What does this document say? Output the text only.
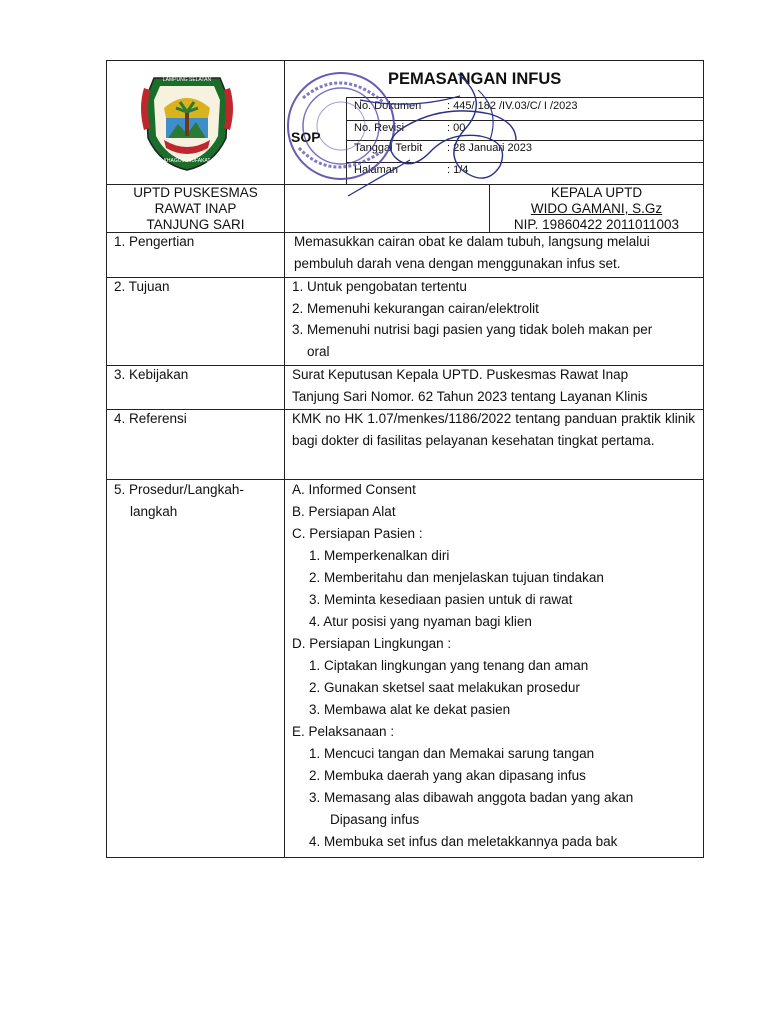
LAMPUNG SELATAN
KHAGOM MUFAKAT
PEMASANGAN INFUS
SOP
No. Dokumen : 445/ 182 /IV.03/C/ I /2023
No. Revisi	: 00
Tanggal Terbit : 28 Januari 2023
Halaman	: 1/4
UPTD PUSKESMAS
RAWAT INAP
TANJUNG SARI
KEPALA UPTD
WIDO GAMANI, S.Gz
NIP. 19860422 2011011003
1. Pengertian	Memasukkan cairan obat ke dalam tubuh, langsung melalui
pembuluh darah vena dengan menggunakan infus set.
2. Tujuan	1. Untuk pengobatan tertentu
2. Memenuhi kekurangan cairan/elektrolit
3. Memenuhi nutrisi bagi pasien yang tidak boleh makan per
oral
3. Kebijakan	Surat Keputusan Kepala UPTD. Puskesmas Rawat Inap
Tanjung Sari Nomor. 62 Tahun 2023 tentang Layanan Klinis
4. Referensi	KMK no HK 1.07/menkes/1186/2022 tentang panduan praktik klinik bagi dokter di fasilitas pelayanan kesehatan tingkat pertama.
5. Prosedur/Langkah-
langkah
A. Informed Consent
B. Persiapan Alat
C. Persiapan Pasien :
1. Memperkenalkan diri
2. Memberitahu dan menjelaskan tujuan tindakan
3. Meminta kesediaan pasien untuk di rawat
4. Atur posisi yang nyaman bagi klien
D. Persiapan Lingkungan :
1. Ciptakan lingkungan yang tenang dan aman
2. Gunakan sketsel saat melakukan prosedur
3. Membawa alat ke dekat pasien
E. Pelaksanaan :
1. Mencuci tangan dan Memakai sarung tangan
2. Membuka daerah yang akan dipasang infus
3. Memasang alas dibawah anggota badan yang akan
Dipasang infus
4. Membuka set infus dan meletakkannya pada bak
